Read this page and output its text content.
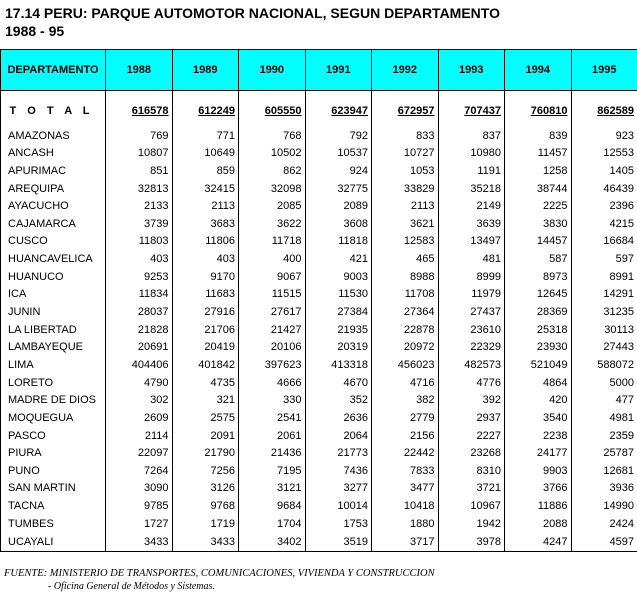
17.14 PERU: PARQUE AUTOMOTOR NACIONAL, SEGUN DEPARTAMENTO
1988 - 95
DEPARTAMENTO	1988	1989	1990	1991	1992	1993	1994	1995

T O T A L	616578	612249	605550	623947	672957	707437	760810	862589

AMAZONAS	769	771	768	792	833	837	839	923
ANCASH	10807	10649	10502	10537	10727	10980	11457	12553
APURIMAC	851	859	862	924	1053	1191	1258	1405
AREQUIPA	32813	32415	32098	32775	33829	35218	38744	46439
AYACUCHO	2133	2113	2085	2089	2113	2149	2225	2396
CAJAMARCA	3739	3683	3622	3608	3621	3639	3830	4215
CUSCO	11803	11806	11718	11818	12583	13497	14457	16684
HUANCAVELICA	403	403	400	421	465	481	587	597
HUANUCO	9253	9170	9067	9003	8988	8999	8973	8991
ICA	11834	11683	11515	11530	11708	11979	12645	14291
JUNIN	28037	27916	27617	27384	27364	27437	28369	31235
LA LIBERTAD	21828	21706	21427	21935	22878	23610	25318	30113
LAMBAYEQUE	20691	20419	20106	20319	20972	22329	23930	27443
LIMA	404406	401842	397623	413318	456023	482573	521049	588072
LORETO	4790	4735	4666	4670	4716	4776	4864	5000
MADRE DE DIOS	302	321	330	352	382	392	420	477
MOQUEGUA	2609	2575	2541	2636	2779	2937	3540	4981
PASCO	2114	2091	2061	2064	2156	2227	2238	2359
PIURA	22097	21790	21436	21773	22442	23268	24177	25787
PUNO	7264	7256	7195	7436	7833	8310	9903	12681
SAN MARTIN	3090	3126	3121	3277	3477	3721	3766	3936
TACNA	9785	9768	9684	10014	10418	10967	11886	14990
TUMBES	1727	1719	1704	1753	1880	1942	2088	2424
UCAYALI	3433	3433	3402	3519	3717	3978	4247	4597
FUENTE: MINISTERIO DE TRANSPORTES, COMUNICACIONES, VIVIENDA Y CONSTRUCCION
- Oficina General de Métodos y Sistemas.
